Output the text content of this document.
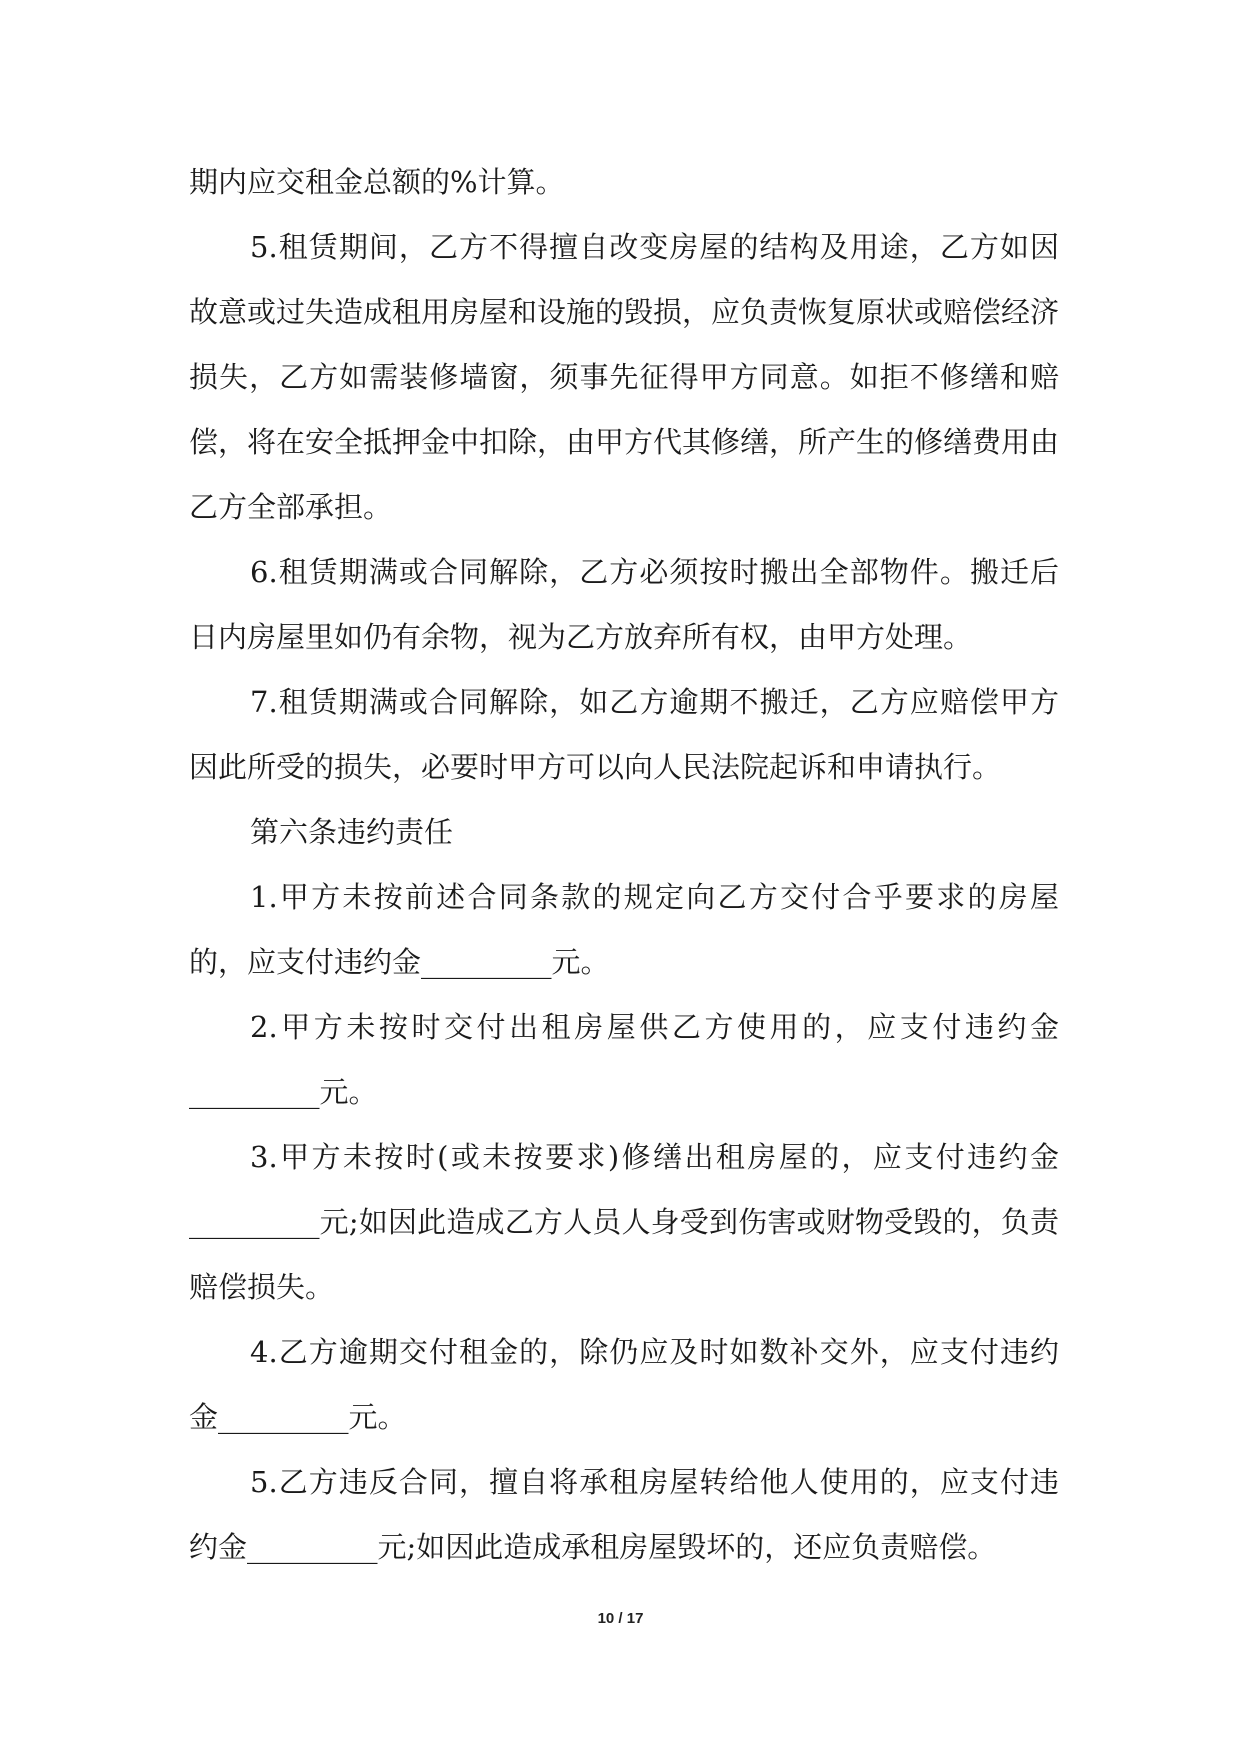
期内应交租金总额的%计算。

5.租赁期间，乙方不得擅自改变房屋的结构及用途，乙方如因故意或过失造成租用房屋和设施的毁损，应负责恢复原状或赔偿经济损失，乙方如需装修墙窗，须事先征得甲方同意。如拒不修缮和赔偿，将在安全抵押金中扣除，由甲方代其修缮，所产生的修缮费用由乙方全部承担。

6.租赁期满或合同解除，乙方必须按时搬出全部物件。搬迁后日内房屋里如仍有余物，视为乙方放弃所有权，由甲方处理。

7.租赁期满或合同解除，如乙方逾期不搬迁，乙方应赔偿甲方因此所受的损失，必要时甲方可以向人民法院起诉和申请执行。

第六条违约责任

1.甲方未按前述合同条款的规定向乙方交付合乎要求的房屋的，应支付违约金_________元。

2.甲方未按时交付出租房屋供乙方使用的，应支付违约金_________元。

3.甲方未按时(或未按要求)修缮出租房屋的，应支付违约金_________元;如因此造成乙方人员人身受到伤害或财物受毁的，负责赔偿损失。

4.乙方逾期交付租金的，除仍应及时如数补交外，应支付违约金_________元。

5.乙方违反合同，擅自将承租房屋转给他人使用的，应支付违约金_________元;如因此造成承租房屋毁坏的，还应负责赔偿。

10 / 17
